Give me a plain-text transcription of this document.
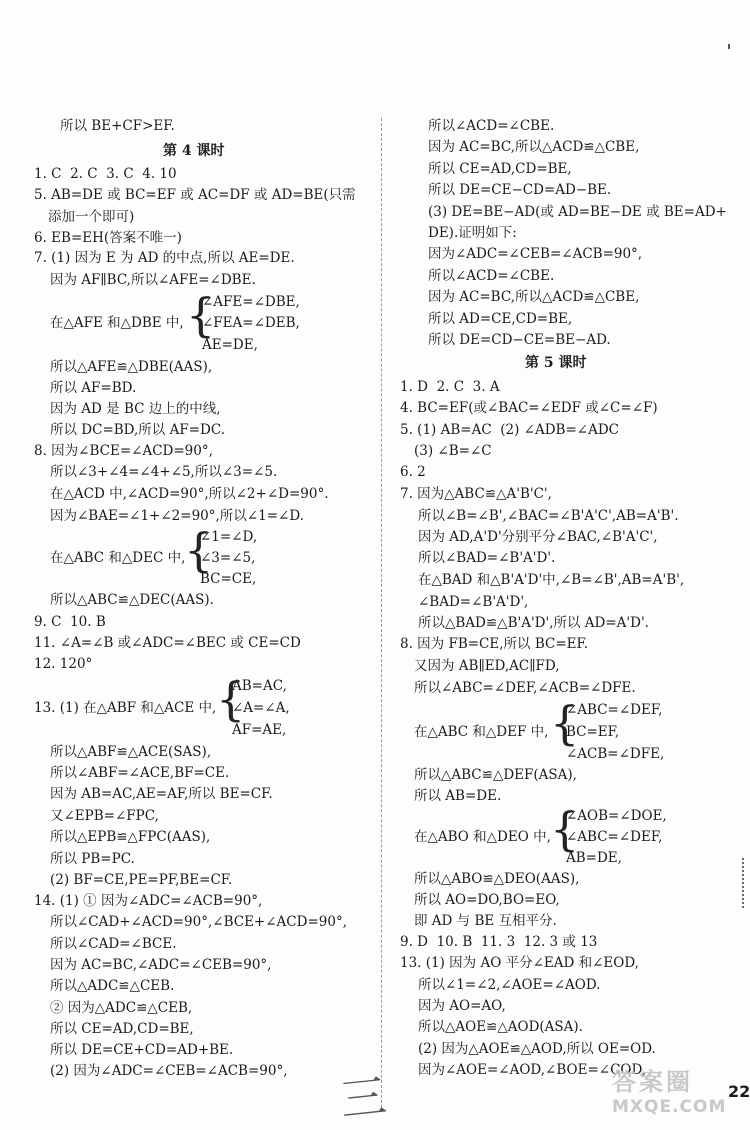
所以 BE+CF>EF.
第 4 课时
1. C  2. C  3. C  4. 10
5. AB=DE 或 BC=EF 或 AC=DF 或 AD=BE(只需
添加一个即可)
6. EB=EH(答案不唯一)
7. (1) 因为 E 为 AD 的中点,所以 AE=DE.
因为 AF∥BC,所以∠AFE=∠DBE.
∠AFE=∠DBE,
在△AFE 和△DBE 中, ∠FEA=∠DEB,
AE=DE,
所以△AFE≌△DBE(AAS),
所以 AF=BD.
因为 AD 是 BC 边上的中线,
所以 DC=BD,所以 AF=DC.
8. 因为∠BCE=∠ACD=90°,
所以∠3+∠4=∠4+∠5,所以∠3=∠5.
在△ACD 中,∠ACD=90°,所以∠2+∠D=90°.
因为∠BAE=∠1+∠2=90°,所以∠1=∠D.
∠1=∠D,
在△ABC 和△DEC 中, ∠3=∠5,
BC=CE,
所以△ABC≌△DEC(AAS).
9. C  10. B
11. ∠A=∠B 或∠ADC=∠BEC 或 CE=CD
12. 120°
AB=AC,
13. (1) 在△ABF 和△ACE 中, ∠A=∠A,
AF=AE,
所以△ABF≌△ACE(SAS),
所以∠ABF=∠ACE,BF=CE.
因为 AB=AC,AE=AF,所以 BE=CF.
又∠EPB=∠FPC,
所以△EPB≌△FPC(AAS),
所以 PB=PC.
(2) BF=CE,PE=PF,BE=CF.
14. (1) ① 因为∠ADC=∠ACB=90°,
所以∠CAD+∠ACD=90°,∠BCE+∠ACD=90°,
所以∠CAD=∠BCE.
因为 AC=BC,∠ADC=∠CEB=90°,
所以△ADC≌△CEB.
② 因为△ADC≌△CEB,
所以 CE=AD,CD=BE,
所以 DE=CE+CD=AD+BE.
(2) 因为∠ADC=∠CEB=∠ACB=90°,
所以∠ACD=∠CBE.
因为 AC=BC,所以△ACD≌△CBE,
所以 CE=AD,CD=BE,
所以 DE=CE−CD=AD−BE.
(3) DE=BE−AD(或 AD=BE−DE 或 BE=AD+
DE).证明如下:
因为∠ADC=∠CEB=∠ACB=90°,
所以∠ACD=∠CBE.
因为 AC=BC,所以△ACD≌△CBE,
所以 AD=CE,CD=BE,
所以 DE=CD−CE=BE−AD.
第 5 课时
1. D  2. C  3. A
4. BC=EF(或∠BAC=∠EDF 或∠C=∠F)
5. (1) AB=AC  (2) ∠ADB=∠ADC
(3) ∠B=∠C
6. 2
7. 因为△ABC≌△A'B'C',
所以∠B=∠B',∠BAC=∠B'A'C',AB=A'B'.
因为 AD,A'D'分别平分∠BAC,∠B'A'C',
所以∠BAD=∠B'A'D'.
在△BAD 和△B'A'D'中,∠B=∠B',AB=A'B',
∠BAD=∠B'A'D',
所以△BAD≌△B'A'D',所以 AD=A'D'.
8. 因为 FB=CE,所以 BC=EF.
又因为 AB∥ED,AC∥FD,
所以∠ABC=∠DEF,∠ACB=∠DFE.
∠ABC=∠DEF,
在△ABC 和△DEF 中, BC=EF,
∠ACB=∠DFE,
所以△ABC≌△DEF(ASA),
所以 AB=DE.
∠AOB=∠DOE,
在△ABO 和△DEO 中, ∠ABC=∠DEF,
AB=DE,
所以△ABO≌△DEO(AAS),
所以 AO=DO,BO=EO,
即 AD 与 BE 互相平分.
9. D  10. B  11. 3  12. 3 或 13
13. (1) 因为 AO 平分∠EAD 和∠EOD,
所以∠1=∠2,∠AOE=∠AOD.
因为 AO=AO,
所以△AOE≌△AOD(ASA).
(2) 因为△AOE≌△AOD,所以 OE=OD.
因为∠AOE=∠AOD,∠BOE=∠COD,
{
{
{	{
{
三	答案圈
MXQE.COM
22
